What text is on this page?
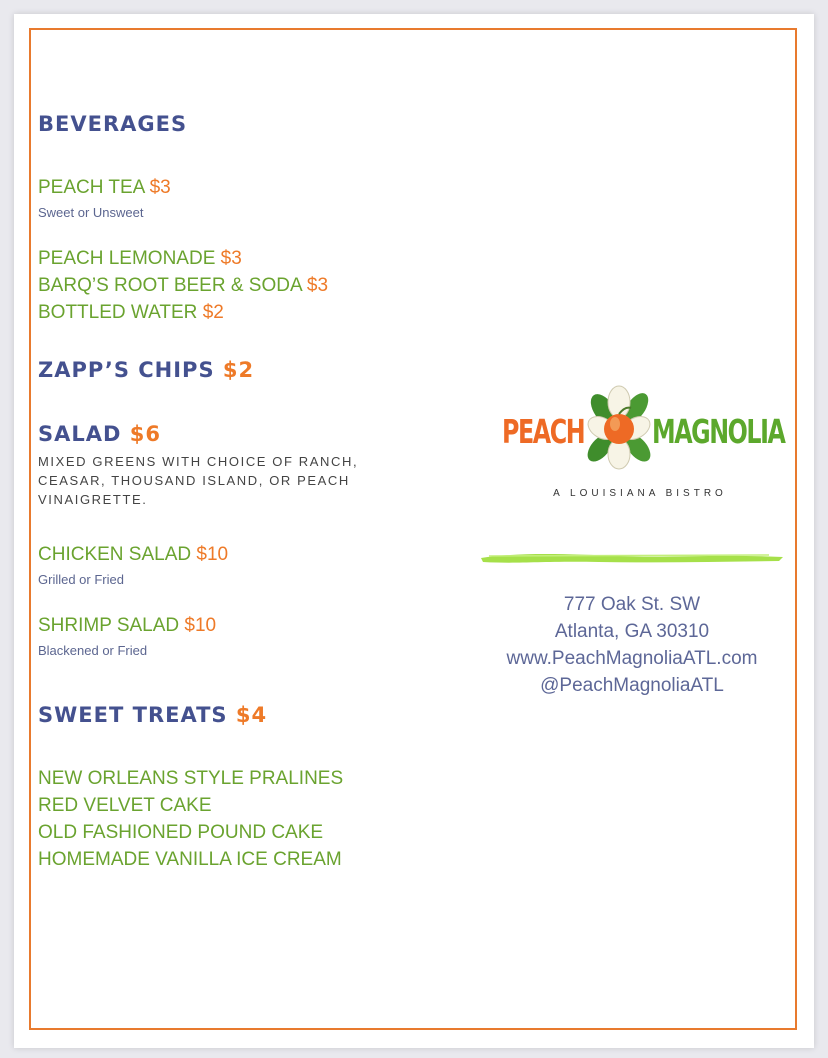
BEVERAGES
PEACH TEA $3
Sweet or Unsweet
PEACH LEMONADE $3
BARQ’S ROOT BEER & SODA $3
BOTTLED WATER $2
ZAPP’S CHIPS $2
SALAD $6
MIXED GREENS WITH CHOICE OF RANCH, CEASAR, THOUSAND ISLAND, OR PEACH VINAIGRETTE.
CHICKEN SALAD $10
Grilled or Fried
SHRIMP SALAD $10
Blackened or Fried
SWEET TREATS $4
NEW ORLEANS STYLE PRALINES
RED VELVET CAKE
OLD FASHIONED POUND CAKE
HOMEMADE VANILLA ICE CREAM
PEACH MAGNOLIA
A LOUISIANA BISTRO
777 Oak St. SW
Atlanta, GA 30310
www.PeachMagnoliaATL.com
@PeachMagnoliaATL
